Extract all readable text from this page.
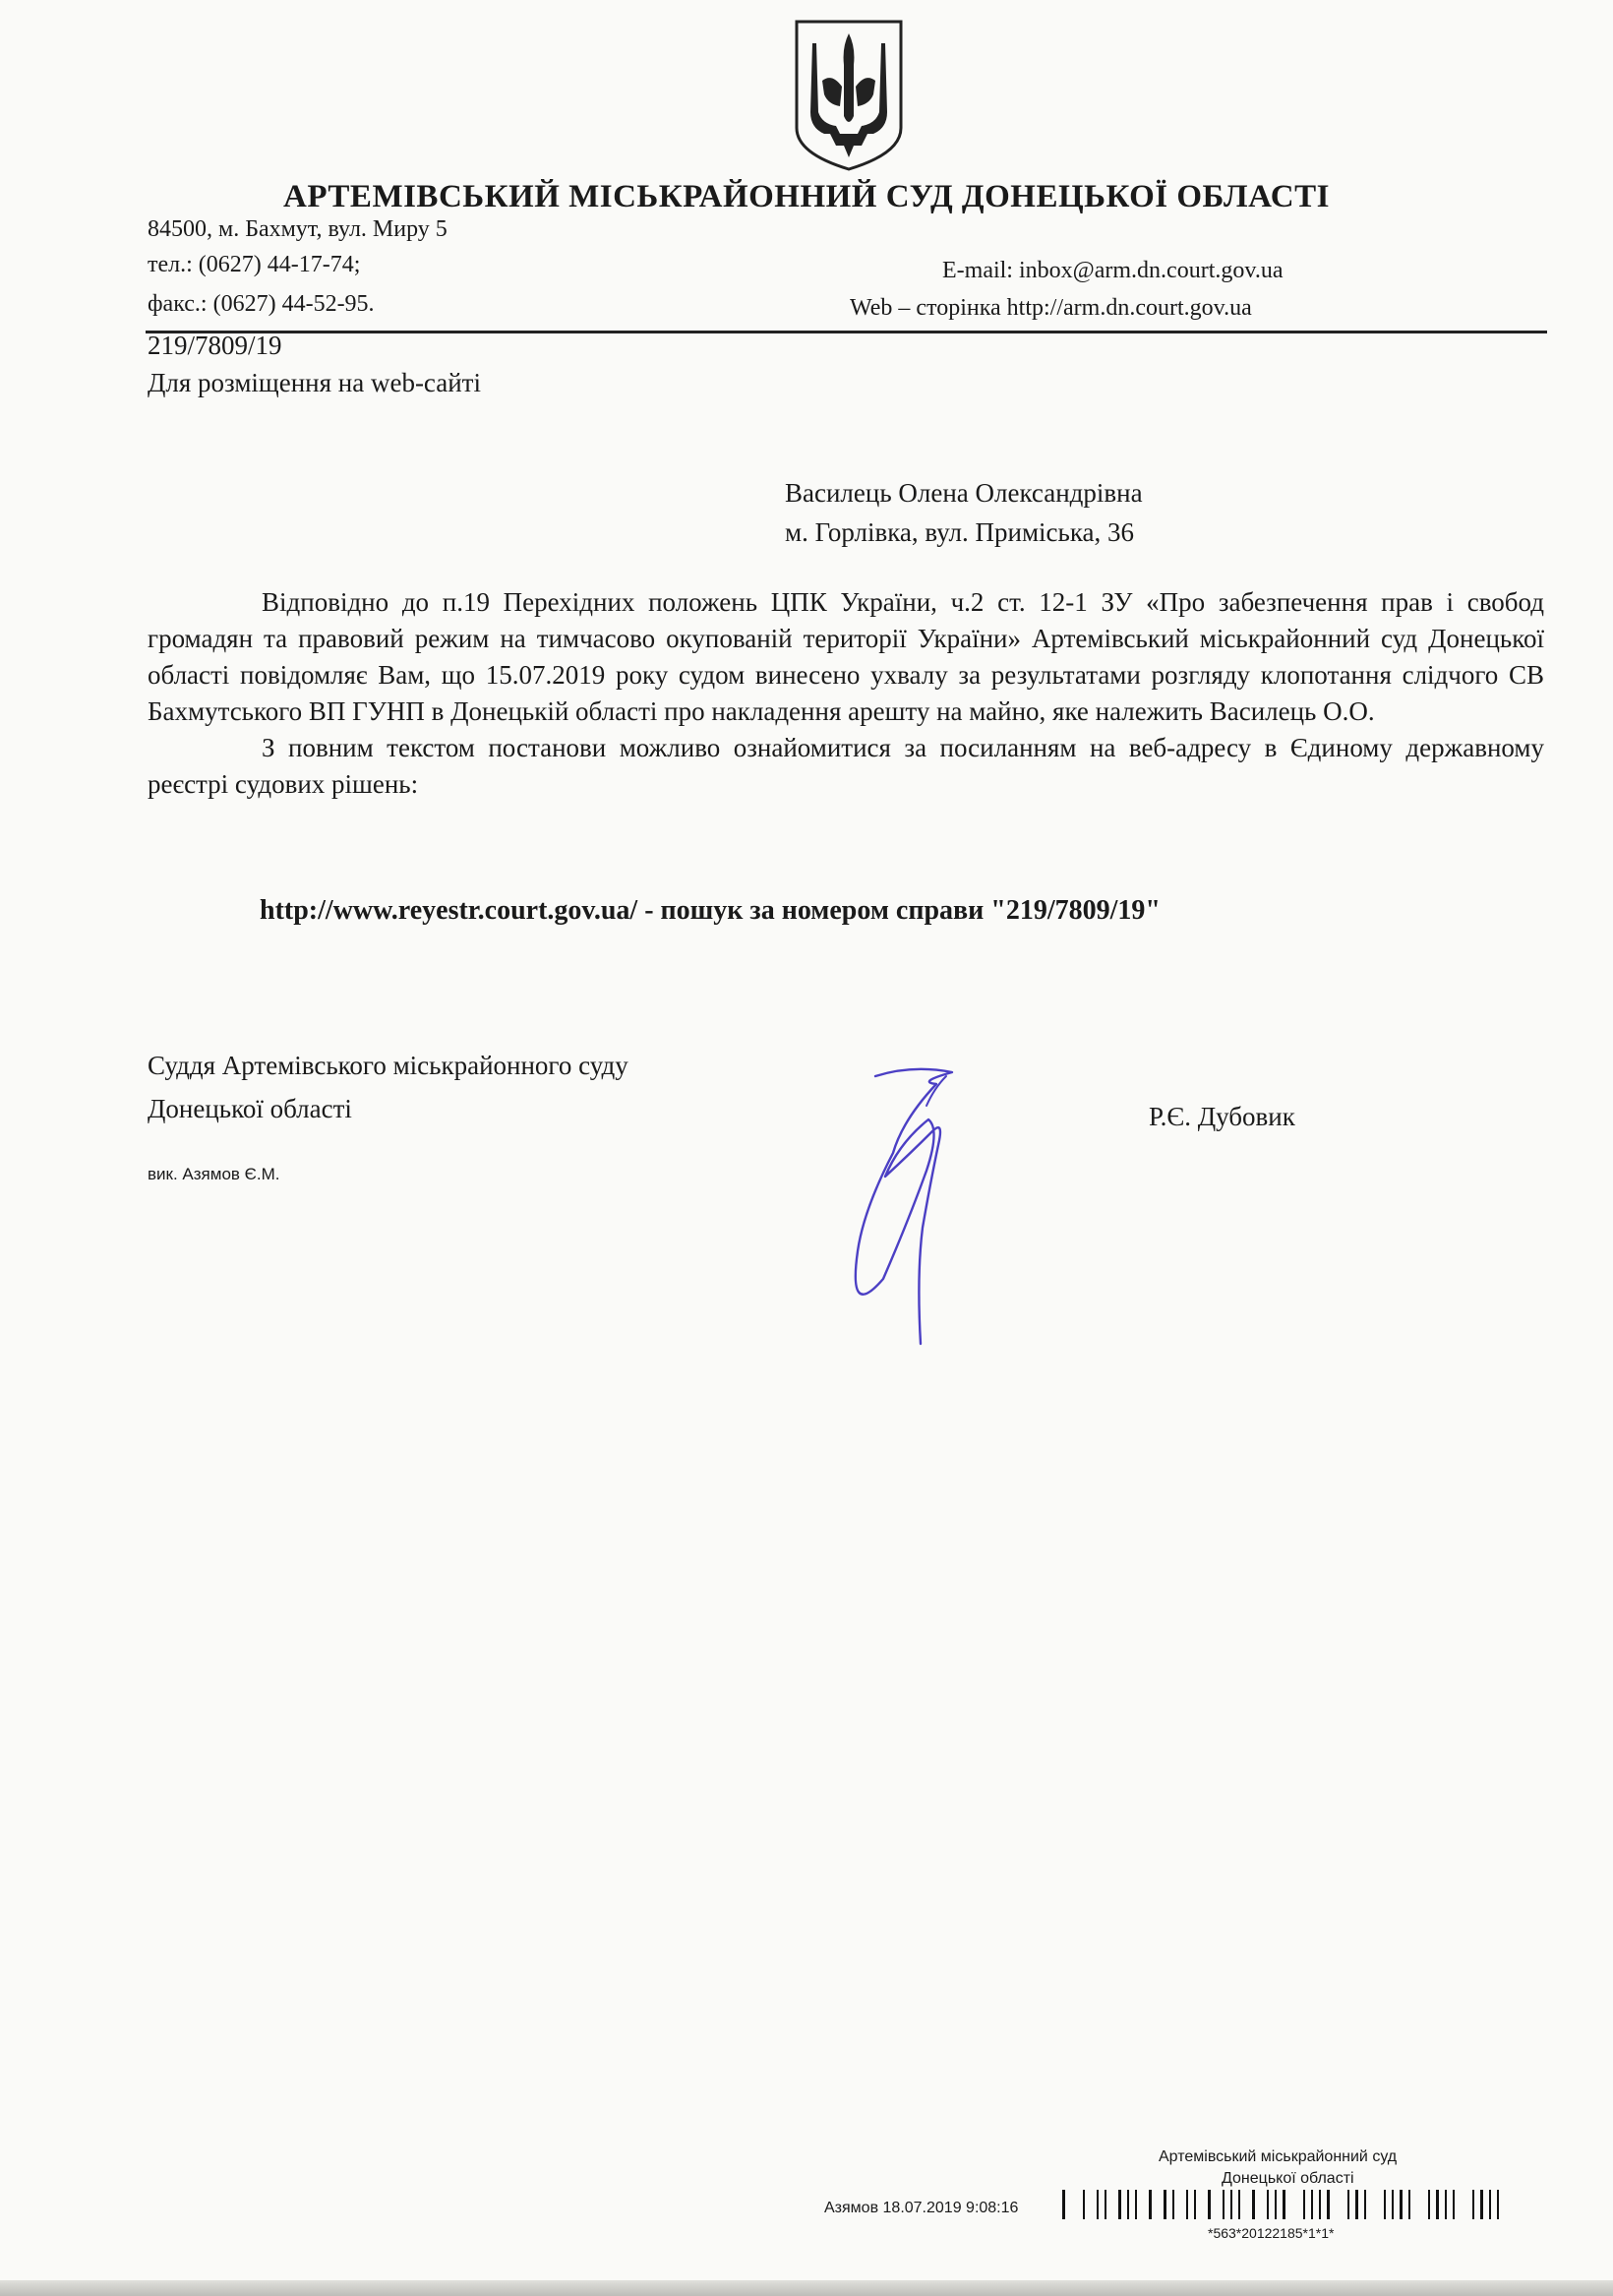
АРТЕМІВСЬКИЙ МІСЬКРАЙОННИЙ СУД ДОНЕЦЬКОЇ ОБЛАСТІ
84500, м. Бахмут, вул. Миру 5
тел.: (0627) 44-17-74;
факс.: (0627) 44-52-95.
E-mail: inbox@arm.dn.court.gov.ua
Web – сторінка http://arm.dn.court.gov.ua
219/7809/19
Для розміщення на web-сайті
Василець Олена Олександрівна
м. Горлівка, вул. Приміська, 36

Відповідно до п.19 Перехідних положень ЦПК України, ч.2 ст. 12-1 ЗУ «Про забезпечення прав і свобод громадян та правовий режим на тимчасово окупованій території України» Артемівський міськрайонний суд Донецької області повідомляє Вам, що 15.07.2019 року судом винесено ухвалу за результатами розгляду клопотання слідчого СВ Бахмутського ВП ГУНП в Донецькій області про накладення арешту на майно, яке належить Василець О.О.

З повним текстом постанови можливо ознайомитися за посиланням на веб-адресу в Єдиному державному реєстрі судових рішень:

http://www.reyestr.court.gov.ua/ - пошук за номером справи "219/7809/19"
Суддя Артемівського міськрайонного суду
Донецької області	Р.Є. Дубовик
вик. Азямов Є.М.
Артемівський міськрайонний суд
Донецької області
Азямов 18.07.2019 9:08:16
*563*20122185*1*1*
